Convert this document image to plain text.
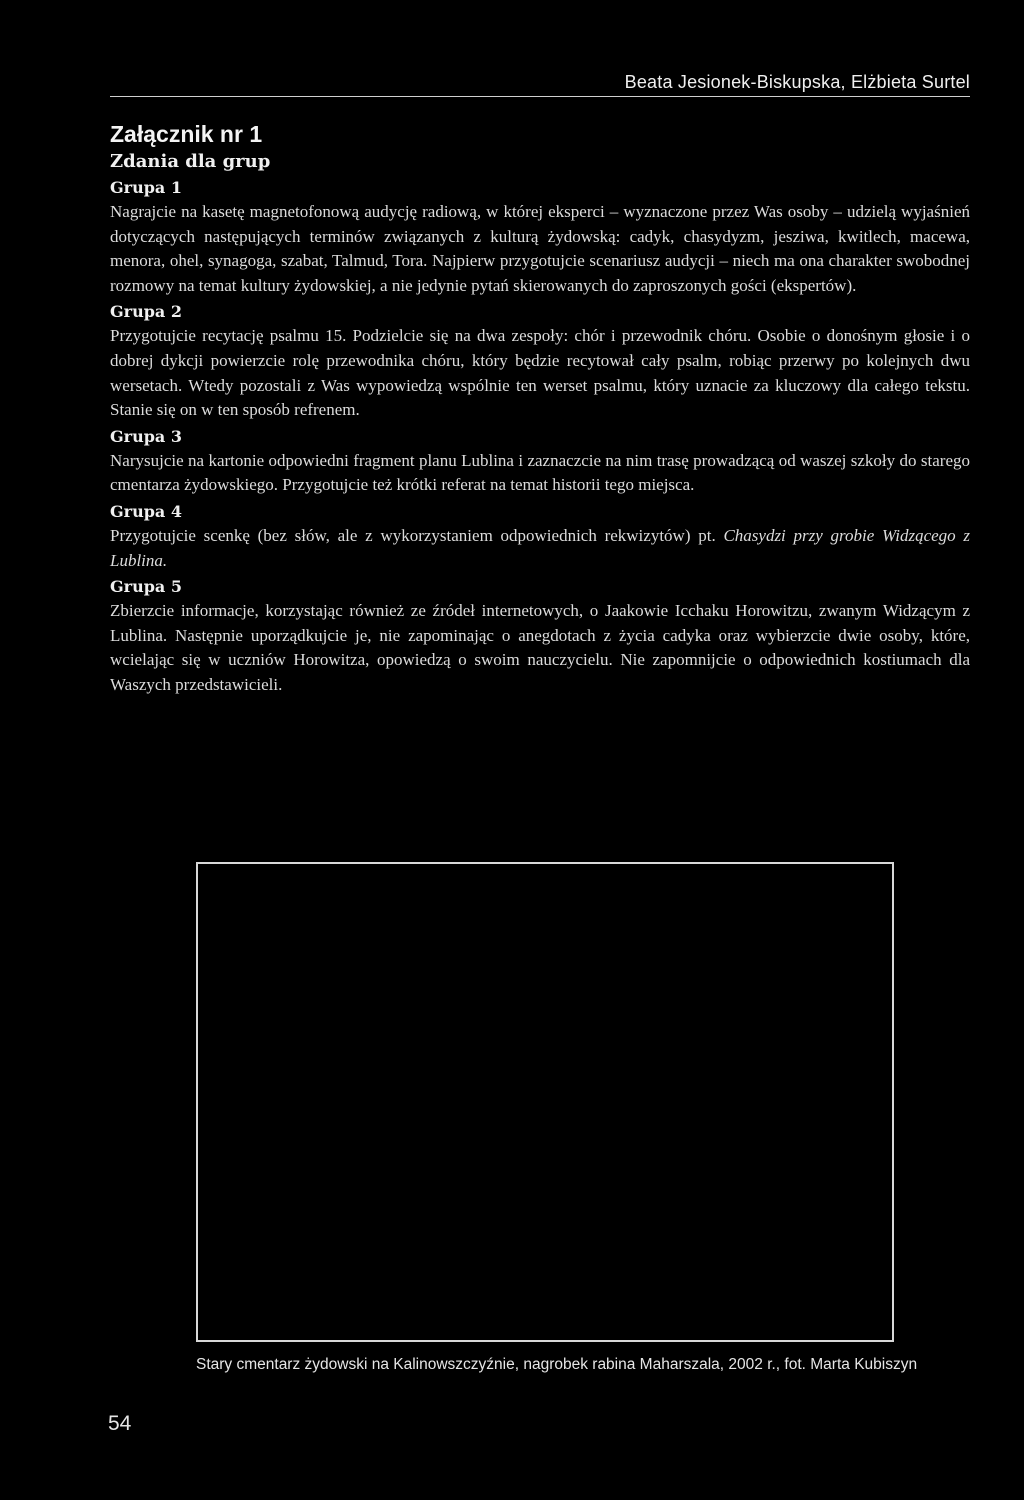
Beata Jesionek-Biskupska, Elżbieta Surtel
Załącznik nr 1
Zdania dla grup
Grupa 1

Nagrajcie na kasetę magnetofonową audycję radiową, w której eksperci – wyznaczone przez Was osoby – udzielą wyjaśnień dotyczących następujących terminów związanych z kulturą żydowską: cadyk, chasydyzm, jesziwa, kwitlech, macewa, menora, ohel, synagoga, szabat, Talmud, Tora. Najpierw przygotujcie scenariusz audycji – niech ma ona charakter swobodnej rozmowy na temat kultury żydowskiej, a nie jedynie pytań skierowanych do zaproszonych gości (ekspertów).

Grupa 2

Przygotujcie recytację psalmu 15. Podzielcie się na dwa zespoły: chór i przewodnik chóru. Osobie o donośnym głosie i o dobrej dykcji powierzcie rolę przewodnika chóru, który będzie recytował cały psalm, robiąc przerwy po kolejnych dwu wersetach. Wtedy pozostali z Was wypowiedzą wspólnie ten werset psalmu, który uznacie za kluczowy dla całego tekstu. Stanie się on w ten sposób refrenem.

Grupa 3

Narysujcie na kartonie odpowiedni fragment planu Lublina i zaznaczcie na nim trasę prowadzącą od waszej szkoły do starego cmentarza żydowskiego. Przygotujcie też krótki referat na temat historii tego miejsca.

Grupa 4

Przygotujcie scenkę (bez słów, ale z wykorzystaniem odpowiednich rekwizytów) pt. Chasydzi przy grobie Widzącego z Lublina.

Grupa 5

Zbierzcie informacje, korzystając również ze źródeł internetowych, o Jaakowie Icchaku Horowitzu, zwanym Widzącym z Lublina. Następnie uporządkujcie je, nie zapominając o anegdotach z życia cadyka oraz wybierzcie dwie osoby, które, wcielając się w uczniów Horowitza, opowiedzą o swoim nauczycielu. Nie zapomnijcie o odpowiednich kostiumach dla Waszych przedstawicieli.

Stary cmentarz żydowski na Kalinowszczyźnie, nagrobek rabina Maharszala, 2002 r., fot. Marta Kubiszyn
54
